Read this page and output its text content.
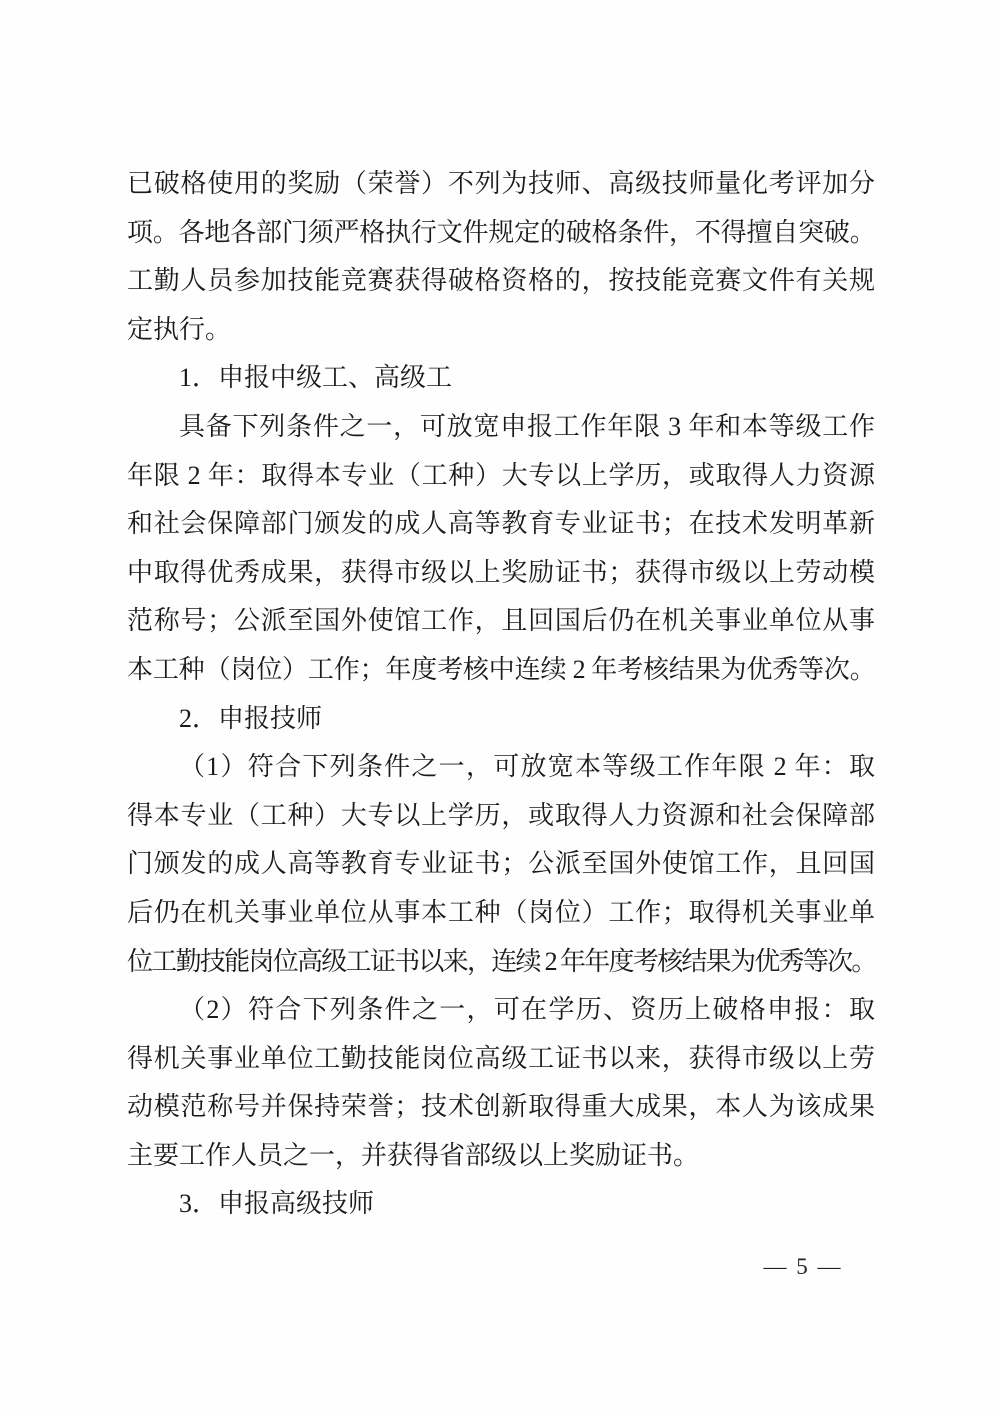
已破格使用的奖励（荣誉）不列为技师、高级技师量化考评加分
项。各地各部门须严格执行文件规定的破格条件，不得擅自突破。
工勤人员参加技能竞赛获得破格资格的，按技能竞赛文件有关规
定执行。
1．申报中级工、高级工
具备下列条件之一，可放宽申报工作年限 3 年和本等级工作
年限 2 年：取得本专业（工种）大专以上学历，或取得人力资源
和社会保障部门颁发的成人高等教育专业证书；在技术发明革新
中取得优秀成果，获得市级以上奖励证书；获得市级以上劳动模
范称号；公派至国外使馆工作，且回国后仍在机关事业单位从事
本工种（岗位）工作；年度考核中连续 2 年考核结果为优秀等次。
2．申报技师
（1）符合下列条件之一，可放宽本等级工作年限 2 年：取
得本专业（工种）大专以上学历，或取得人力资源和社会保障部
门颁发的成人高等教育专业证书；公派至国外使馆工作，且回国
后仍在机关事业单位从事本工种（岗位）工作；取得机关事业单
位工勤技能岗位高级工证书以来，连续 2 年年度考核结果为优秀等次。
（2）符合下列条件之一，可在学历、资历上破格申报：取
得机关事业单位工勤技能岗位高级工证书以来，获得市级以上劳
动模范称号并保持荣誉；技术创新取得重大成果，本人为该成果
主要工作人员之一，并获得省部级以上奖励证书。
3．申报高级技师
— 5 —
